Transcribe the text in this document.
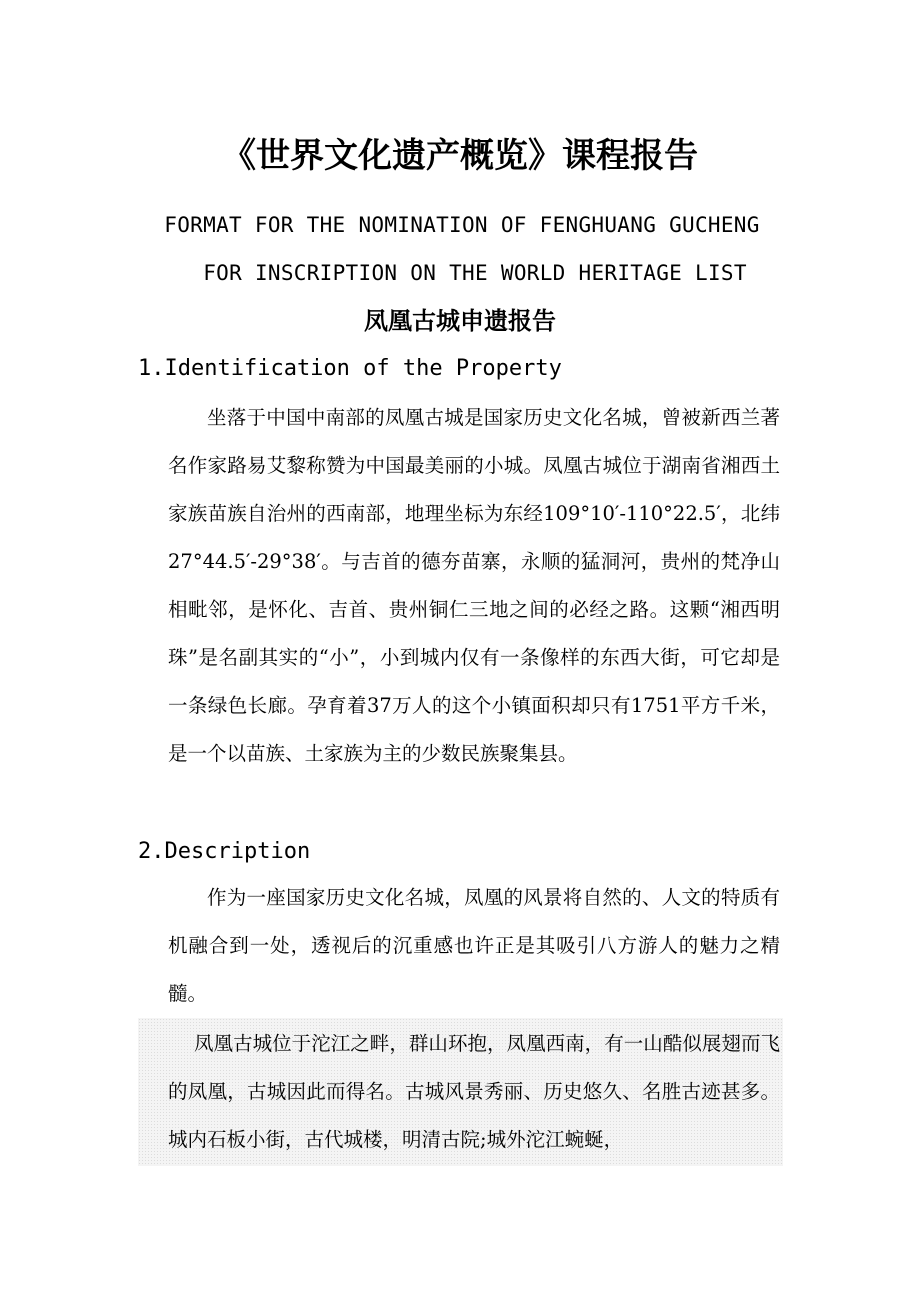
《世界文化遗产概览》课程报告
FORMAT FOR THE NOMINATION OF FENGHUANG GUCHENG
FOR INSCRIPTION ON THE WORLD HERITAGE LIST
凤凰古城申遗报告
1.Identification of the Property
坐落于中国中南部的凤凰古城是国家历史文化名城，曾被新西兰著名作家路易艾黎称赞为中国最美丽的小城。凤凰古城位于湖南省湘西土家族苗族自治州的西南部，地理坐标为东经109°10′-110°22.5′，北纬27°44.5′-29°38′。与吉首的德夯苗寨，永顺的猛洞河，贵州的梵净山相毗邻，是怀化、吉首、贵州铜仁三地之间的必经之路。这颗“湘西明珠”是名副其实的“小”，小到城内仅有一条像样的东西大街，可它却是一条绿色长廊。孕育着37万人的这个小镇面积却只有1751平方千米，是一个以苗族、土家族为主的少数民族聚集县。
2.Description
作为一座国家历史文化名城，凤凰的风景将自然的、人文的特质有机融合到一处，透视后的沉重感也许正是其吸引八方游人的魅力之精髓。
凤凰古城位于沱江之畔，群山环抱，凤凰西南，有一山酷似展翅而飞的凤凰，古城因此而得名。古城风景秀丽、历史悠久、名胜古迹甚多。城内石板小街，古代城楼，明清古院;城外沱江蜿蜒，
